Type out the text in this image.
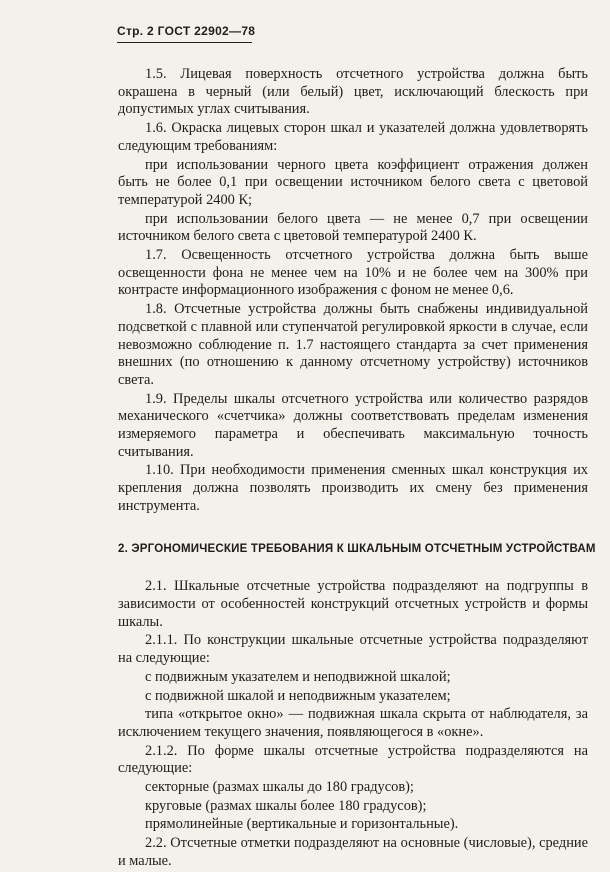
Стр. 2 ГОСТ 22902—78

1.5. Лицевая поверхность отсчетного устройства должна быть окрашена в черный (или белый) цвет, исключающий блескость при допустимых углах считывания.

1.6. Окраска лицевых сторон шкал и указателей должна удовлетворять следующим требованиям:

при использовании черного цвета коэффициент отражения должен быть не более 0,1 при освещении источником белого света с цветовой температурой 2400 К;

при использовании белого цвета — не менее 0,7 при освещении источником белого света с цветовой температурой 2400 К.

1.7. Освещенность отсчетного устройства должна быть выше освещенности фона не менее чем на 10% и не более чем на 300% при контрасте информационного изображения с фоном не менее 0,6.

1.8. Отсчетные устройства должны быть снабжены индивидуальной подсветкой с плавной или ступенчатой регулировкой яркости в случае, если невозможно соблюдение п. 1.7 настоящего стандарта за счет применения внешних (по отношению к данному отсчетному устройству) источников света.

1.9. Пределы шкалы отсчетного устройства или количество разрядов механического «счетчика» должны соответствовать пределам изменения измеряемого параметра и обеспечивать максимальную точность считывания.

1.10. При необходимости применения сменных шкал конструкция их крепления должна позволять производить их смену без применения инструмента.

2. ЭРГОНОМИЧЕСКИЕ ТРЕБОВАНИЯ К ШКАЛЬНЫМ ОТСЧЕТНЫМ УСТРОЙСТВАМ

2.1. Шкальные отсчетные устройства подразделяют на подгруппы в зависимости от особенностей конструкций отсчетных устройств и формы шкалы.

2.1.1. По конструкции шкальные отсчетные устройства подразделяют на следующие:

с подвижным указателем и неподвижной шкалой;

с подвижной шкалой и неподвижным указателем;

типа «открытое окно» — подвижная шкала скрыта от наблюдателя, за исключением текущего значения, появляющегося в «окне».

2.1.2. По форме шкалы отсчетные устройства подразделяются на следующие:

секторные (размах шкалы до 180 градусов);

круговые (размах шкалы более 180 градусов);

прямолинейные (вертикальные и горизонтальные).

2.2. Отсчетные отметки подразделяют на основные (числовые), средние и малые.
